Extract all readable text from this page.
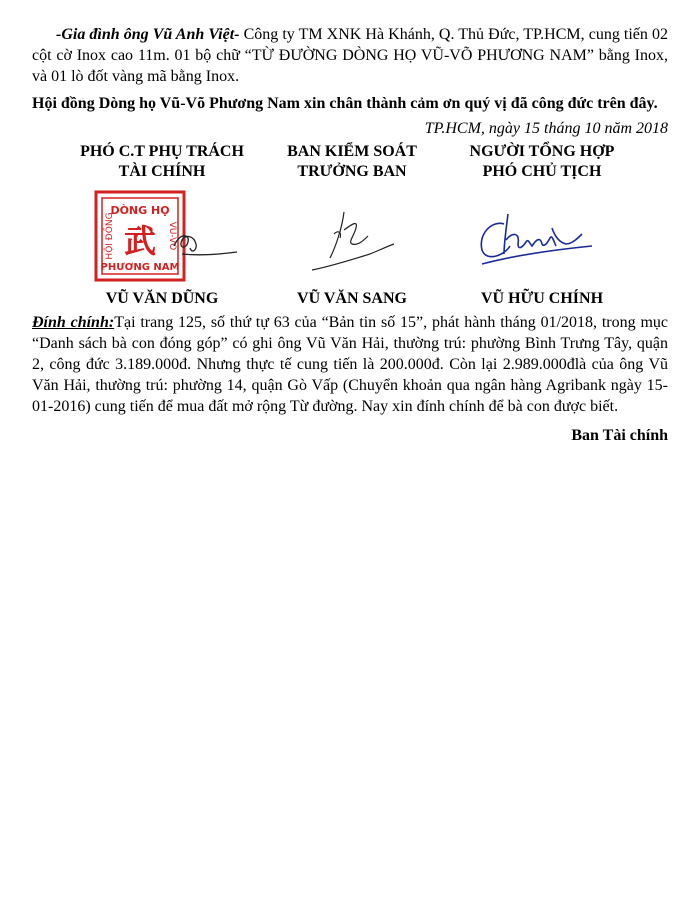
-Gia đình ông Vũ Anh Việt- Công ty TM XNK Hà Khánh, Q. Thủ Đức, TP.HCM, cung tiến 02 cột cờ Inox cao 11m. 01 bộ chữ “TỪ ĐƯỜNG DÒNG HỌ VŨ-VÕ PHƯƠNG NAM” bằng Inox, và 01 lò đốt vàng mã bằng Inox.

Hội đồng Dòng họ Vũ-Võ Phương Nam xin chân thành cảm ơn quý vị đã công đức trên đây.
TP.HCM, ngày 15 tháng 10 năm 2018
PHÓ C.T PHỤ TRÁCH
TÀI CHÍNH
DÒNG HỌ
PHƯƠNG NAM
HỘI ĐỒNG	VŨ-VÕ
武
VŨ VĂN DŨNG
BAN KIỂM SOÁT
TRƯỞNG BAN
VŨ VĂN SANG
NGƯỜI TỔNG HỢP
PHÓ CHỦ TỊCH
VŨ HỮU CHÍNH

Đính chính:Tại trang 125, số thứ tự 63 của “Bản tin số 15”, phát hành tháng 01/2018, trong mục “Danh sách bà con đóng góp” có ghi ông Vũ Văn Hải, thường trú: phường Bình Trưng Tây, quận 2, công đức 3.189.000đ. Nhưng thực tế cung tiến là 200.000đ. Còn lại 2.989.000đlà của ông Vũ Văn Hải, thường trú: phường 14, quận Gò Vấp (Chuyển khoản qua ngân hàng Agribank ngày 15-01-2016) cung tiến để mua đất mở rộng Từ đường. Nay xin đính chính để bà con được biết.

Ban Tài chính
